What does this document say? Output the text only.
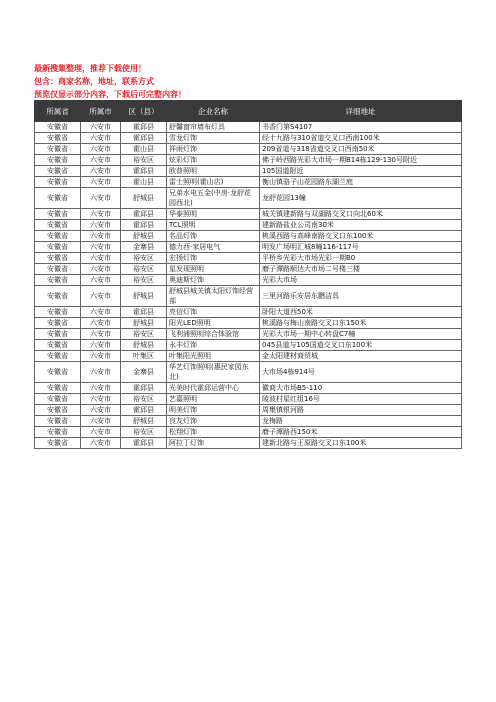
最新搜集整理，推荐下载使用！
包含：商家名称，地址，联系方式
预览仅显示部分内容，下载后可完整内容！
所属省	所属市	区（县）	企业名称	详细地址
安徽省	六安市	霍邱县	舒馨窗帘墙布灯具	书香门第S4107
安徽省	六安市	霍邱县	雪龙灯饰	经十九路与310省道交叉口西南100米
安徽省	六安市	霍山县	祥雨灯饰	209省道与318省道交叉口西南50米
安徽省	六安市	裕安区	炫彩灯饰	佛子岭西路光彩大市场一期B14栋129-130号附近
安徽省	六安市	霍邱县	欧普照明	105国道附近
安徽省	六安市	霍山县	雷士照明(霍山店)	衡山镇骆子山花园路东湖兰庭
安徽省	六安市	舒城县	兄弟水电五金(中房·龙舒花园西北)	龙舒花园13幢
安徽省	六安市	霍邱县	华泰照明	城关镇建新路与双湖路交叉口向北60米
安徽省	六安市	霍邱县	TCL照明	建新路盐业公司南30米
安徽省	六安市	舒城县	名品灯饰	桃溪西路与高峰南路交叉口东100米
安徽省	六安市	金寨县	德力西·家居电气	明发广场明汇城8幢116-117号
安徽省	六安市	裕安区	宏扬灯饰	平桥乡光彩大市场光彩一期B0
安徽省	六安市	裕安区	星发现照明	磨子潭路顺达大市场二号楼三楼
安徽省	六安市	裕安区	奥迪斯灯饰	光彩大市场
安徽省	六安市	舒城县	舒城县城关镇太阳灯饰经营部	三里河路乐安居东鹏洁具
安徽省	六安市	霍邱县	亮信灯饰	卧阳大道西50米
安徽省	六安市	舒城县	阳光LED照明	桃溪路与梅山南路交叉口东150米
安徽省	六安市	裕安区	飞利浦照明综合体验馆	光彩大市场一期中心转盘C7幢
安徽省	六安市	舒城县	永丰灯饰	045县道与105国道交叉口东100米
安徽省	六安市	叶集区	叶集阳光照明	金太阳建材商贸城
安徽省	六安市	金寨县	华艺灯饰照明(惠民家园东北)	大市场4栋914号
安徽省	六安市	霍邱县	光美时代霍邱运营中心	徽商大市场B5-110
安徽省	六安市	裕安区	艺嘉照明	陵波村星红组16号
安徽省	六安市	霍邱县	明美灯饰	周集镇银河路
安徽省	六安市	舒城县	良友灯饰	龙梅路
安徽省	六安市	裕安区	松翔灯饰	磨子潭路西150米
安徽省	六安市	霍邱县	阿拉丁灯饰	建新北路与王原路交叉口东100米
